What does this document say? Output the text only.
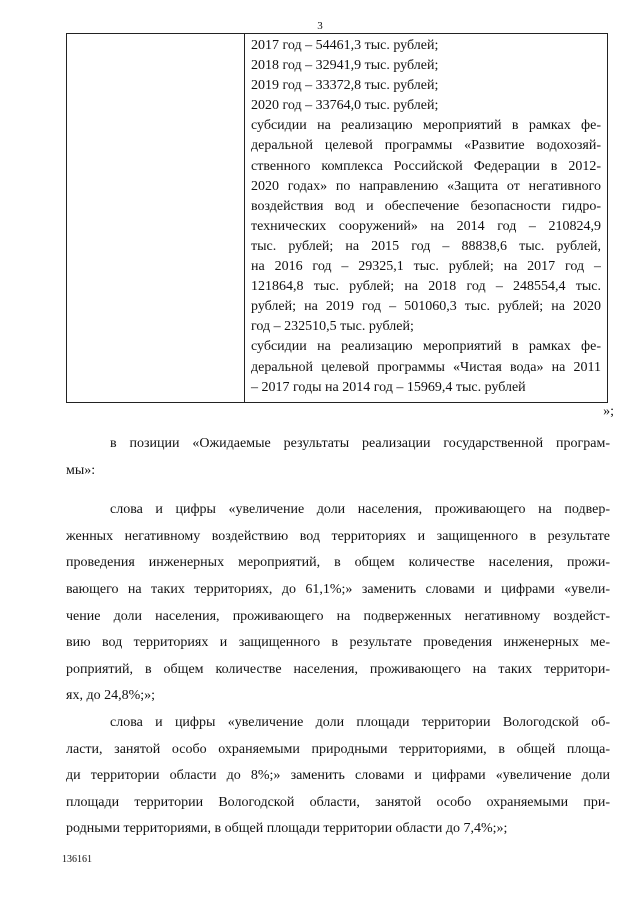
3
2017 год – 54461,3 тыс. рублей;
2018 год – 32941,9 тыс. рублей;
2019 год – 33372,8 тыс. рублей;
2020 год – 33764,0 тыс. рублей;
субсидии на реализацию мероприятий в рамках фе-
деральной целевой программы «Развитие водохозяй-
ственного комплекса Российской Федерации в 2012-
2020 годах» по направлению «Защита от негативного
воздействия вод и обеспечение безопасности гидро-
технических сооружений» на 2014 год – 210824,9
тыс. рублей; на 2015 год – 88838,6 тыс. рублей,
на 2016 год – 29325,1 тыс. рублей; на 2017 год –
121864,8 тыс. рублей; на 2018 год – 248554,4 тыс.
рублей; на 2019 год – 501060,3 тыс. рублей; на 2020
год – 232510,5 тыс. рублей;
субсидии на реализацию мероприятий в рамках фе-
деральной целевой программы «Чистая вода» на 2011
– 2017 годы на 2014 год – 15969,4 тыс. рублей
»;
в позиции «Ожидаемые результаты реализации государственной програм-
мы»:
слова и цифры «увеличение доли населения, проживающего на подвер-
женных негативному воздействию вод территориях и защищенного в результате
проведения инженерных мероприятий, в общем количестве населения, прожи-
вающего на таких территориях, до 61,1%;» заменить словами и цифрами «увели-
чение доли населения, проживающего на подверженных негативному воздейст-
вию вод территориях и защищенного в результате проведения инженерных ме-
роприятий, в общем количестве населения, проживающего на таких территори-
ях, до 24,8%;»;
слова и цифры «увеличение доли площади территории Вологодской об-
ласти, занятой особо охраняемыми природными территориями, в общей площа-
ди территории области до 8%;» заменить словами и цифрами «увеличение доли
площади территории Вологодской области, занятой особо охраняемыми при-
родными территориями, в общей площади территории области до 7,4%;»;
136161
